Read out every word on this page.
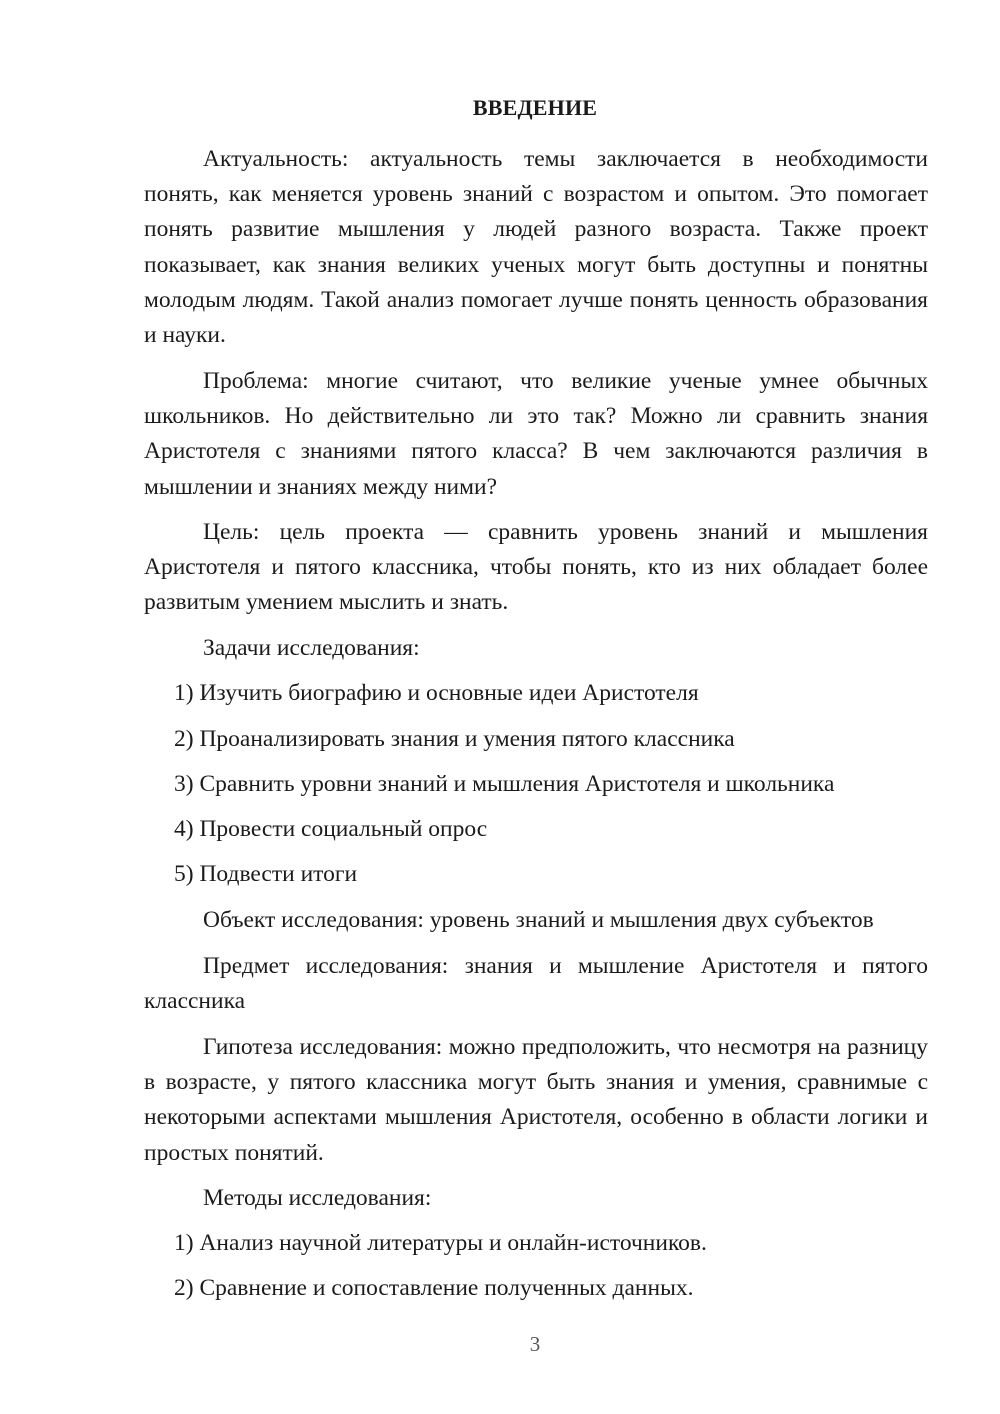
ВВЕДЕНИЕ
Актуальность: актуальность темы заключается в необходимости понять, как меняется уровень знаний с возрастом и опытом. Это помогает понять развитие мышления у людей разного возраста. Также проект показывает, как знания великих ученых могут быть доступны и понятны молодым людям. Такой анализ помогает лучше понять ценность образования и науки.
Проблема: многие считают, что великие ученые умнее обычных школьников. Но действительно ли это так? Можно ли сравнить знания Аристотеля с знаниями пятого класса? В чем заключаются различия в мышлении и знаниях между ними?
Цель: цель проекта — сравнить уровень знаний и мышления Аристотеля и пятого классника, чтобы понять, кто из них обладает более развитым умением мыслить и знать.
Задачи исследования:
1) Изучить биографию и основные идеи Аристотеля
2) Проанализировать знания и умения пятого классника
3) Сравнить уровни знаний и мышления Аристотеля и школьника
4) Провести социальный опрос
5) Подвести итоги
Объект исследования: уровень знаний и мышления двух субъектов
Предмет исследования: знания и мышление Аристотеля и пятого классника
Гипотеза исследования: можно предположить, что несмотря на разницу в возрасте, у пятого классника могут быть знания и умения, сравнимые с некоторыми аспектами мышления Аристотеля, особенно в области логики и простых понятий.
Методы исследования:
1) Анализ научной литературы и онлайн-источников.
2) Сравнение и сопоставление полученных данных.
3
